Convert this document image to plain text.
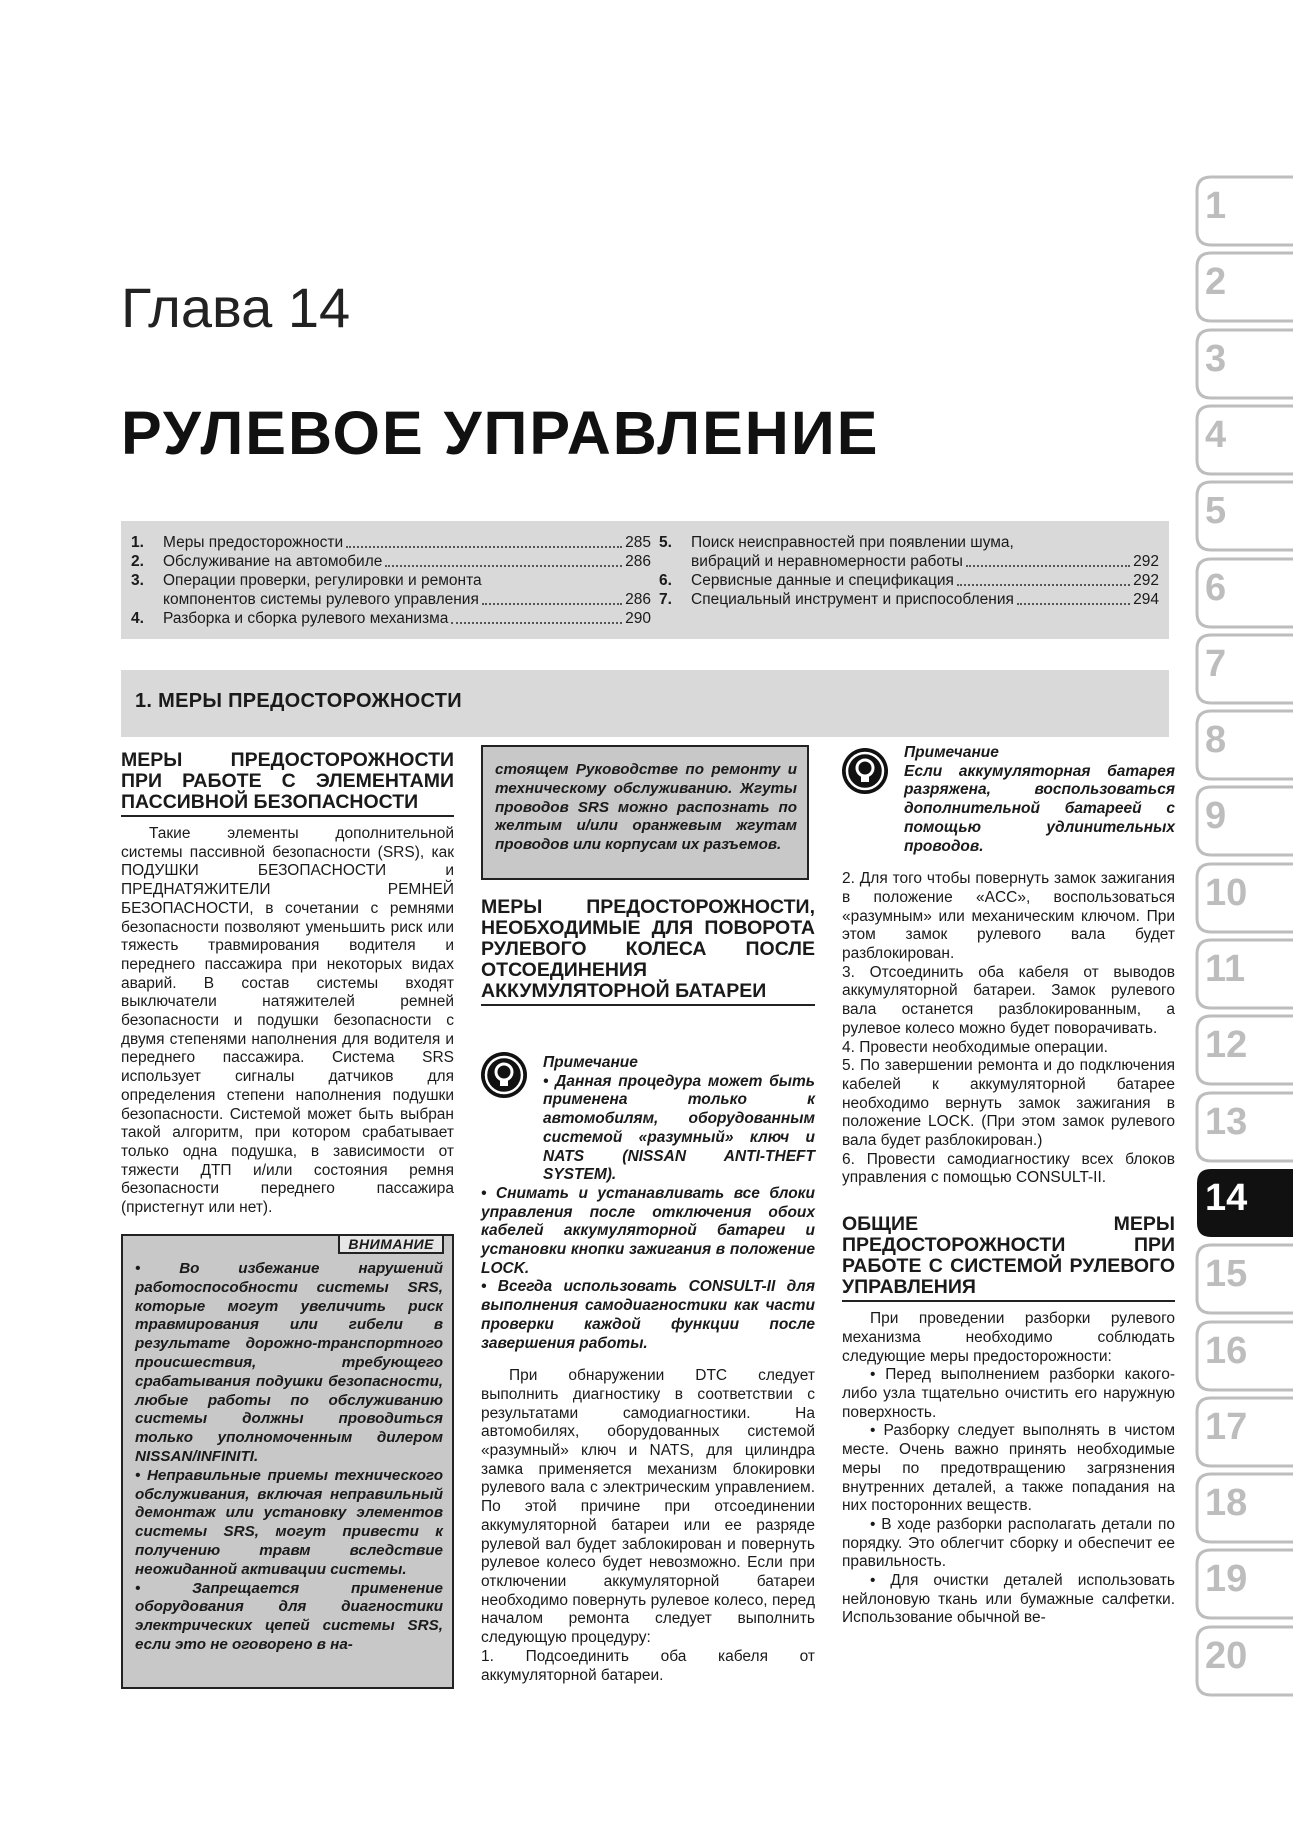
Глава 14
РУЛЕВОЕ УПРАВЛЕНИЕ
1.	Меры предосторожности	285
2.	Обслуживание на автомобиле	286
3.	Операции проверки, регулировки и ремонта
компонентов системы рулевого управления	286
4.	Разборка и сборка рулевого механизма	290
5.	Поиск неисправностей при появлении шума,
вибраций и неравномерности работы	292
6.	Сервисные данные и спецификация	292
7.	Специальный инструмент и приспособления	294
1. МЕРЫ ПРЕДОСТОРОЖНОСТИ
МЕРЫ ПРЕДОСТОРОЖНОСТИ ПРИ РАБОТЕ С ЭЛЕМЕНТАМИ ПАССИВНОЙ БЕЗОПАСНОСТИ

Такие элементы дополнительной системы пассивной безопасности (SRS), как ПОДУШКИ БЕЗОПАСНОСТИ и ПРЕДНАТЯЖИТЕЛИ РЕМНЕЙ БЕЗОПАСНОСТИ, в сочетании с ремнями безопасности позволяют уменьшить риск или тяжесть травмирования водителя и переднего пассажира при некоторых видах аварий. В состав системы входят выключатели натяжителей ремней безопасности и подушки безопасности с двумя степенями наполнения для водителя и переднего пассажира. Система SRS использует сигналы датчиков для определения степени наполнения подушки безопасности. Системой может быть выбран такой алгоритм, при котором срабатывает только одна подушка, в зависимости от тяжести ДТП и/или состояния ремня безопасности переднего пассажира (пристегнут или нет).

ВНИМАНИЕ

• Во избежание нарушений работоспособности системы SRS, которые могут увеличить риск травмирования или гибели в результате дорожно-транспортного происшествия, требующего срабатывания подушки безопасности, любые работы по обслуживанию системы должны проводиться только уполномоченным дилером NISSAN/INFINITI.

• Неправильные приемы технического обслуживания, включая неправильный демонтаж или установку элементов системы SRS, могут привести к получению травм вследствие неожиданной активации системы.

• Запрещается применение оборудования для диагностики электрических цепей системы SRS, если это не оговорено в на-

стоящем Руководстве по ремонту и техническому обслуживанию. Жгуты проводов SRS можно распознать по желтым и/или оранжевым жгутам проводов или корпусам их разъемов.
МЕРЫ ПРЕДОСТОРОЖНОСТИ, НЕОБХОДИМЫЕ ДЛЯ ПОВОРОТА РУЛЕВОГО КОЛЕСА ПОСЛЕ ОТСОЕДИНЕНИЯ АККУМУЛЯТОРНОЙ БАТАРЕИ
Примечание

• Данная процедура может быть применена только к автомобилям, оборудованным системой «разумный» ключ и NATS (NISSAN ANTI-THEFT SYSTEM).

• Снимать и устанавливать все блоки управления после отключения обоих кабелей аккумуляторной батареи и установки кнопки зажигания в положение LOCK.

• Всегда использовать CONSULT-II для выполнения самодиагностики как части проверки каждой функции после завершения работы.

При обнаружении DTC следует выполнить диагностику в соответствии с результатами самодиагностики. На автомобилях, оборудованных системой «разумный» ключ и NATS, для цилиндра замка применяется механизм блокировки рулевого вала с электрическим управлением. По этой причине при отсоединении аккумуляторной батареи или ее разряде рулевой вал будет заблокирован и повернуть рулевое колесо будет невозможно. Если при отключении аккумуляторной батареи необходимо повернуть рулевое колесо, перед началом ремонта следует выполнить следующую процедуру:

1. Подсоединить оба кабеля от аккумуляторной батареи.

Примечание

Если аккумуляторная батарея разряжена, воспользоваться дополнительной батареей с помощью удлинительных проводов.

2. Для того чтобы повернуть замок зажигания в положение «ACC», воспользоваться «разумным» или механическим ключом. При этом замок рулевого вала будет разблокирован.

3. Отсоединить оба кабеля от выводов аккумуляторной батареи. Замок рулевого вала останется разблокированным, а рулевое колесо можно будет поворачивать.

4. Провести необходимые операции.

5. По завершении ремонта и до подключения кабелей к аккумуляторной батарее необходимо вернуть замок зажигания в положение LOCK. (При этом замок рулевого вала будет разблокирован.)

6. Провести самодиагностику всех блоков управления с помощью CONSULT-II.

ОБЩИЕ МЕРЫ ПРЕДОСТОРОЖНОСТИ ПРИ РАБОТЕ С СИСТЕМОЙ РУЛЕВОГО УПРАВЛЕНИЯ

При проведении разборки рулевого механизма необходимо соблюдать следующие меры предосторожности:

• Перед выполнением разборки какого-либо узла тщательно очистить его наружную поверхность.

• Разборку следует выполнять в чистом месте. Очень важно принять необходимые меры по предотвращению загрязнения внутренних деталей, а также попадания на них посторонних веществ.

• В ходе разборки располагать детали по порядку. Это облегчит сборку и обеспечит ее правильность.

• Для очистки деталей использовать нейлоновую ткань или бумажные салфетки. Использование обычной ве-

1
2
3
4
5
6
7
8
9
10
11
12
13
14
15
16
17
18
19
20
